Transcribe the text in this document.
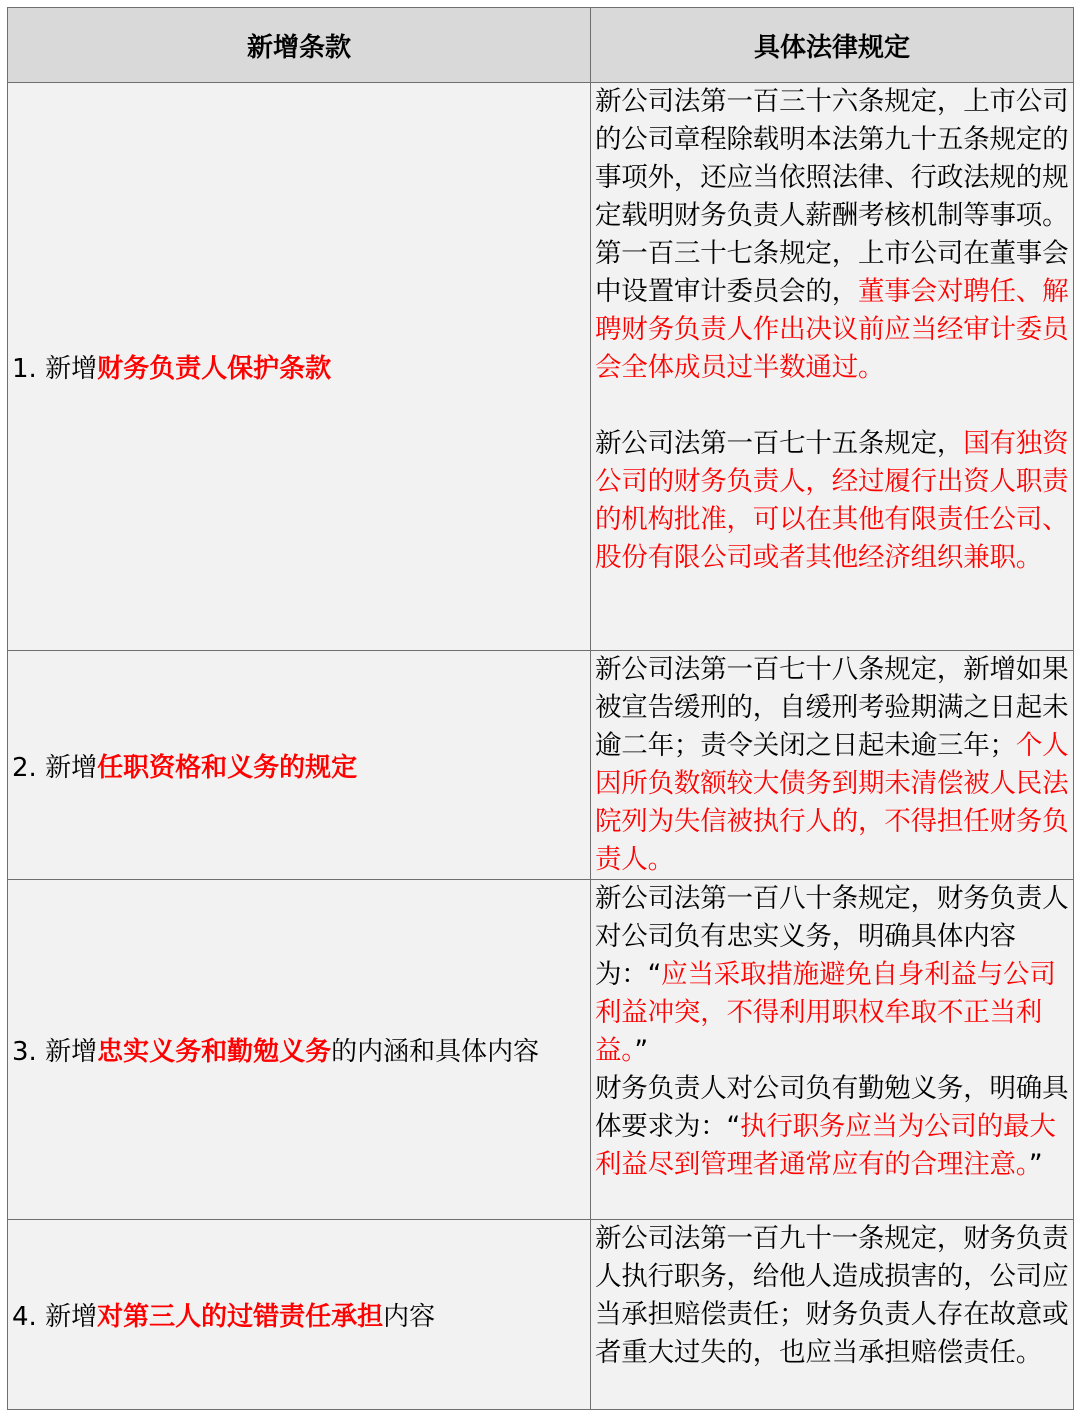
新增条款	具体法律规定
1. 新增财务负责人保护条款	新公司法第一百三十六条规定，上市公司的公司章程除载明本法第九十五条规定的事项外，还应当依照法律、行政法规的规定载明财务负责人薪酬考核机制等事项。第一百三十七条规定，上市公司在董事会中设置审计委员会的，董事会对聘任、解聘财务负责人作出决议前应当经审计委员会全体成员过半数通过。

新公司法第一百七十五条规定，国有独资公司的财务负责人，经过履行出资人职责的机构批准，可以在其他有限责任公司、股份有限公司或者其他经济组织兼职。

2. 新增任职资格和义务的规定	新公司法第一百七十八条规定，新增如果被宣告缓刑的，自缓刑考验期满之日起未逾二年；责令关闭之日起未逾三年；个人因所负数额较大债务到期未清偿被人民法院列为失信被执行人的，不得担任财务负责人。

3. 新增忠实义务和勤勉义务的内涵和具体内容	新公司法第一百八十条规定，财务负责人对公司负有忠实义务，明确具体内容为：“应当采取措施避免自身利益与公司利益冲突，不得利用职权牟取不正当利益。”

财务负责人对公司负有勤勉义务，明确具体要求为：“执行职务应当为公司的最大利益尽到管理者通常应有的合理注意。”

4. 新增对第三人的过错责任承担内容	新公司法第一百九十一条规定，财务负责人执行职务，给他人造成损害的，公司应当承担赔偿责任；财务负责人存在故意或者重大过失的，也应当承担赔偿责任。
